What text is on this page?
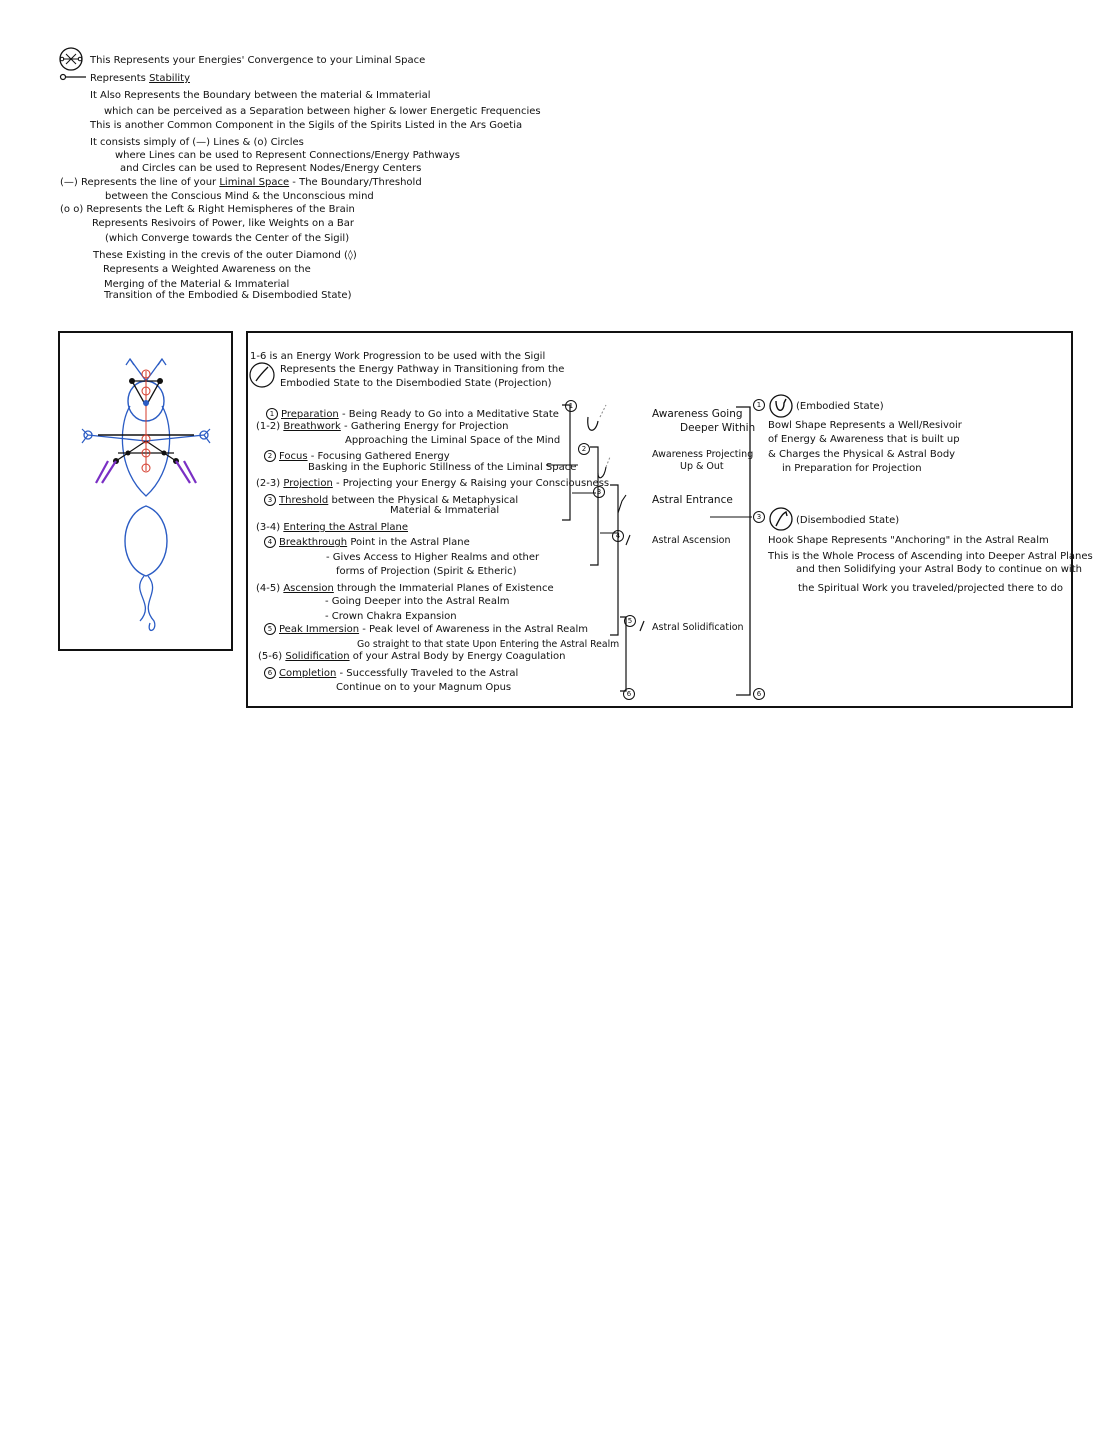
This Represents your Energies' Convergence to your Liminal Space
Represents Stability
It Also Represents the Boundary between the material & Immaterial
which can be perceived as a Separation between higher & lower Energetic Frequencies
This is another Common Component in the Sigils of the Spirits Listed in the Ars Goetia
It consists simply of (—) Lines & (o) Circles
where Lines can be used to Represent Connections/Energy Pathways
and Circles can be used to Represent Nodes/Energy Centers
(—) Represents the line of your Liminal Space - The Boundary/Threshold
between the Conscious Mind & the Unconscious mind
(o o) Represents the Left & Right Hemispheres of the Brain
Represents Resivoirs of Power, like Weights on a Bar
(which Converge towards the Center of the Sigil)
These Existing in the crevis of the outer Diamond (◊)
Represents a Weighted Awareness on the
Merging of the Material & Immaterial
Transition of the Embodied & Disembodied State)
1-6 is an Energy Work Progression to be used with the Sigil
Represents the Energy Pathway in Transitioning from the
Embodied State to the Disembodied State (Projection)
1 Preparation - Being Ready to Go into a Meditative State
(1-2) Breathwork - Gathering Energy for Projection
Approaching the Liminal Space of the Mind
2 Focus - Focusing Gathered Energy
Basking in the Euphoric Stillness of the Liminal Space
(2-3) Projection - Projecting your Energy & Raising your Consciousness
3 Threshold between the Physical & Metaphysical
Material & Immaterial
(3-4) Entering the Astral Plane
4 Breakthrough Point in the Astral Plane
- Gives Access to Higher Realms and other
forms of Projection (Spirit & Etheric)
(4-5) Ascension through the Immaterial Planes of Existence
- Going Deeper into the Astral Realm
- Crown Chakra Expansion
5 Peak Immersion - Peak level of Awareness in the Astral Realm
Go straight to that state Upon Entering the Astral Realm
(5-6) Solidification of your Astral Body by Energy Coagulation
6 Completion - Successfully Traveled to the Astral
Continue on to your Magnum Opus
1
2
3
4
5
6
Awareness Going
Deeper Within
Awareness Projecting
Up & Out
Astral Entrance
Astral Ascension
Astral Solidification
1	(Embodied State)
Bowl Shape Represents a Well/Resivoir
of Energy & Awareness that is built up
& Charges the Physical & Astral Body
in Preparation for Projection
3	(Disembodied State)
Hook Shape Represents "Anchoring" in the Astral Realm
This is the Whole Process of Ascending into Deeper Astral Planes
and then Solidifying your Astral Body to continue on with
the Spiritual Work you traveled/projected there to do
6
